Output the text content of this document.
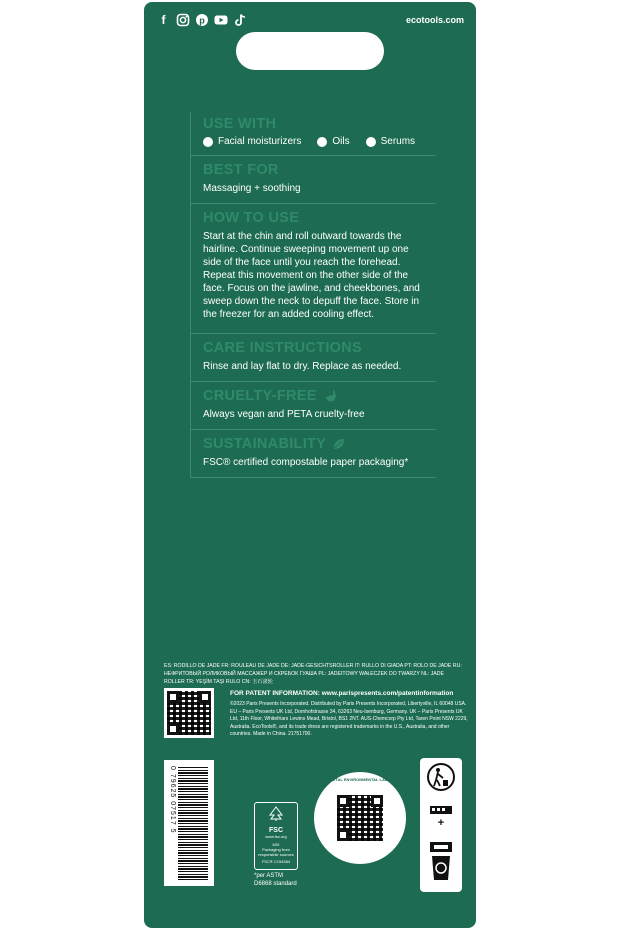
f	p	ecotools.com
USE WITH
Facial moisturizers	Oils	Serums
BEST FOR
Massaging + soothing
HOW TO USE
Start at the chin and roll outward towards the hairline. Continue sweeping movement up one side of the face until you reach the forehead. Repeat this movement on the other side of the face. Focus on the jawline, and cheekbones, and sweep down the neck to depuff the face. Store in the freezer for an added cooling effect.
CARE INSTRUCTIONS
Rinse and lay flat to dry. Replace as needed.
CRUELTY-FREE
Always vegan and PETA cruelty-free
SUSTAINABILITY
FSC® certified compostable paper packaging*
ES: RODILLO DE JADE FR: ROULEAU DE JADE DE: JADE-GESICHTSROLLER IT: RULLO DI GIADA PT: ROLO DE JADE RU: НЕФРИТОВЫЙ РОЛИКОВЫЙ МАССАЖЕР И СКРЕБОК ГУАША PL: JADEITOWY WAŁECZEK DO TWARZY NL: JADE ROLLER TR: YEŞİM TAŞI RULO CN: 玉石滚轮
FOR PATENT INFORMATION: www.parispresents.com/patentinformation
©2023 Paris Presents Incorporated. Distributed by Paris Presents Incorporated, Libertyville, IL 60048 USA. EU – Paris Presents UK Ltd, Dornhofstrasse 34, 63263 Neu-Isenburg, Germany. UK – Paris Presents UK Ltd, 11th Floor, Whitefriars Lewins Mead, Bristol, BS1 2NT. AUS-Chemcorp Pty Ltd, Taren Point NSW 2229, Australia. EcoTools®, and its trade dress are registered trademarks in the U.S., Australia, and other countries. Made in China. 21751700.
0 79625 07517 5	FSC
www.fsc.org
MIX
Packaging from responsible sources
FSC® C154564
*per ASTM
D6868 standard
DIGITAL ENVIRONMENTAL LABEL
+
